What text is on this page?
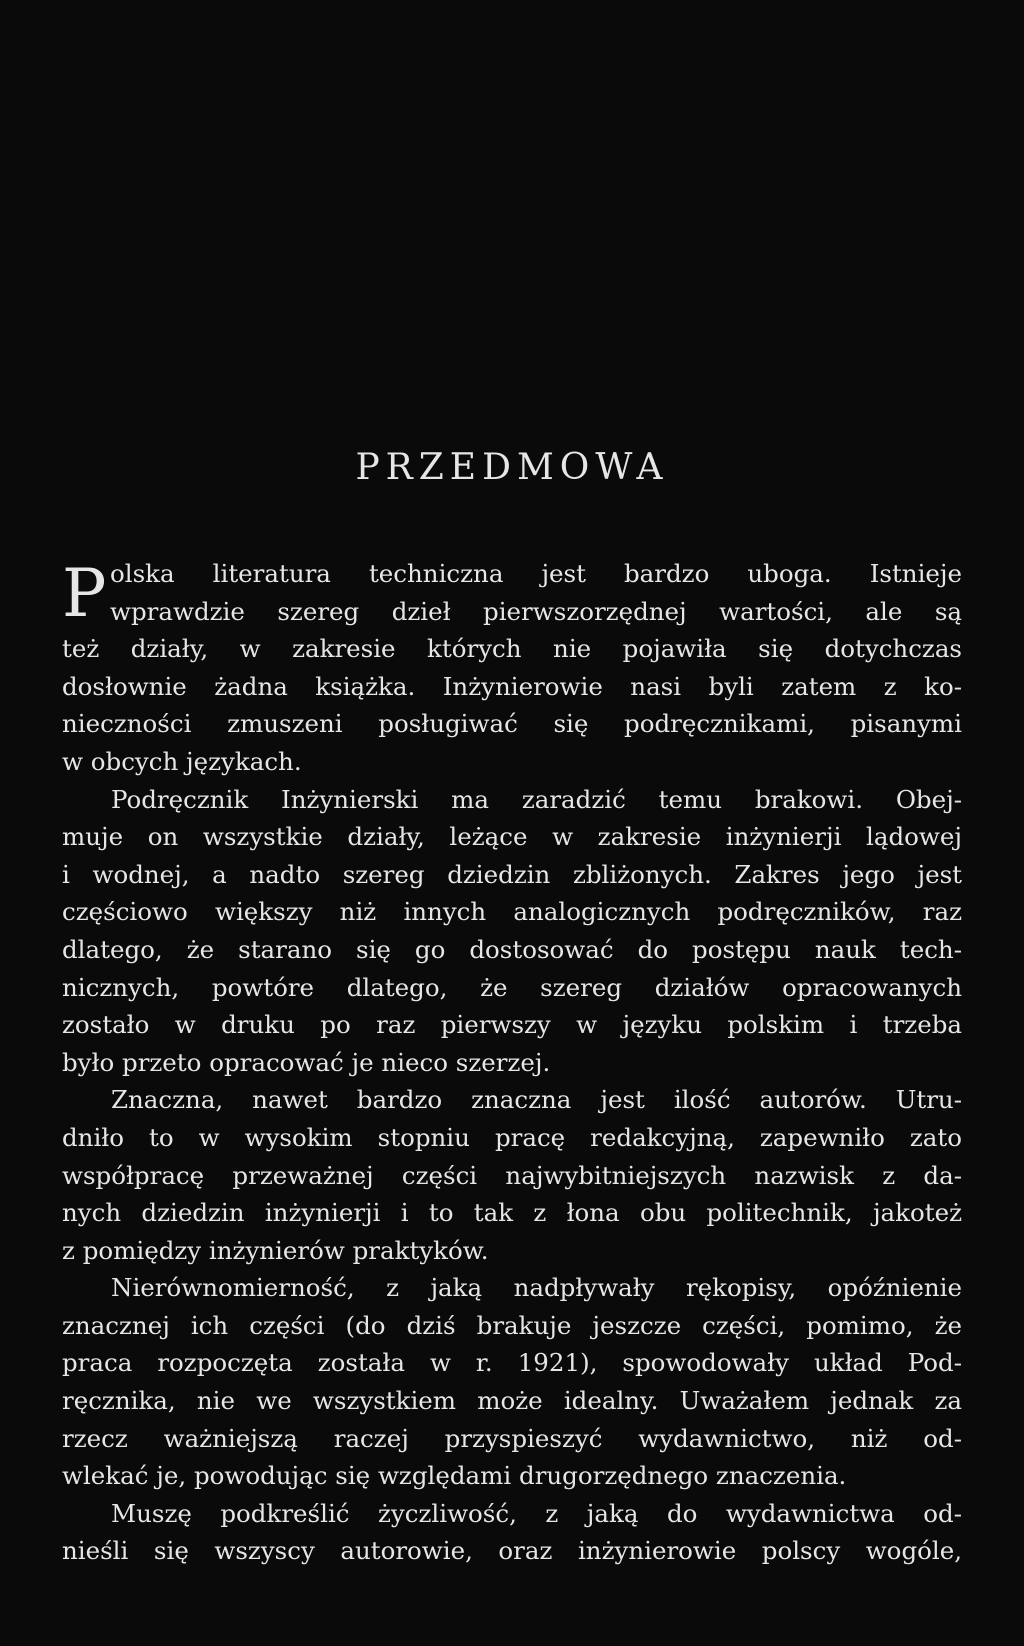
PRZEDMOWA
P olska literatura techniczna jest bardzo uboga. Istnieje
wprawdzie szereg dzieł pierwszorzędnej wartości, ale są
też działy, w zakresie których nie pojawiła się dotychczas
dosłownie żadna książka. Inżynierowie nasi byli zatem z ko-
nieczności zmuszeni posługiwać się podręcznikami, pisanymi
w obcych językach.
Podręcznik Inżynierski ma zaradzić temu brakowi. Obej-
muje on wszystkie działy, leżące w zakresie inżynierji lądowej
i wodnej, a nadto szereg dziedzin zbliżonych. Zakres jego jest
częściowo większy niż innych analogicznych podręczników, raz
dlatego, że starano się go dostosować do postępu nauk tech-
nicznych, powtóre dlatego, że szereg działów opracowanych
zostało w druku po raz pierwszy w języku polskim i trzeba
było przeto opracować je nieco szerzej.
Znaczna, nawet bardzo znaczna jest ilość autorów. Utru-
dniło to w wysokim stopniu pracę redakcyjną, zapewniło zato
współpracę przeważnej części najwybitniejszych nazwisk z da-
nych dziedzin inżynierji i to tak z łona obu politechnik, jakoteż
z pomiędzy inżynierów praktyków.
Nierównomierność, z jaką nadpływały rękopisy, opóźnienie
znacznej ich części (do dziś brakuje jeszcze części, pomimo, że
praca rozpoczęta została w r. 1921), spowodowały układ Pod-
ręcznika, nie we wszystkiem może idealny. Uważałem jednak za
rzecz ważniejszą raczej przyspieszyć wydawnictwo, niż od-
wlekać je, powodując się względami drugorzędnego znaczenia.
Muszę podkreślić życzliwość, z jaką do wydawnictwa od-
nieśli się wszyscy autorowie, oraz inżynierowie polscy wogóle,
